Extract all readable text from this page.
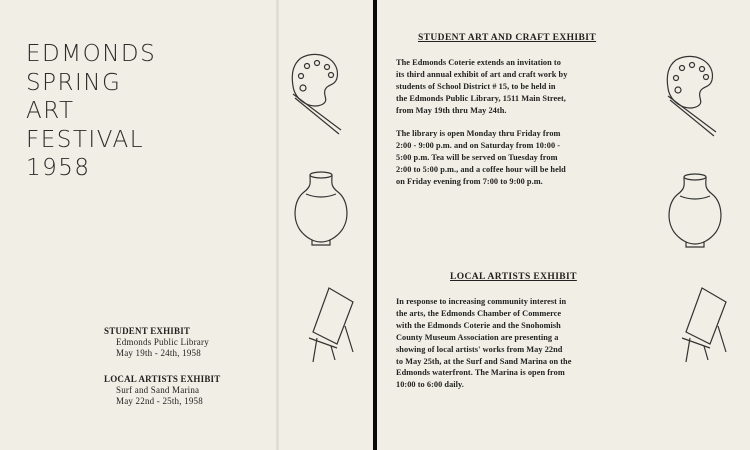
EDMONDS
SPRING
ART
FESTIVAL
1958
STUDENT EXHIBIT
Edmonds Public Library
May 19th - 24th, 1958
LOCAL ARTISTS EXHIBIT
Surf and Sand Marina
May 22nd - 25th, 1958
STUDENT ART AND CRAFT EXHIBIT
The Edmonds Coterie extends an invitation to
its third annual exhibit of art and craft work by
students of School District # 15, to be held in
the Edmonds Public Library, 1511 Main Street,
from May 19th thru May 24th.
The library is open Monday thru Friday from
2:00 - 9:00 p.m. and on Saturday from 10:00 -
5:00 p.m. Tea will be served on Tuesday from
2:00 to 5:00 p.m., and a coffee hour will be held
on Friday evening from 7:00 to 9:00 p.m.
LOCAL ARTISTS EXHIBIT
In response to increasing community interest in
the arts, the Edmonds Chamber of Commerce
with the Edmonds Coterie and the Snohomish
County Museum Association are presenting a
showing of local artists' works from May 22nd
to May 25th, at the Surf and Sand Marina on the
Edmonds waterfront. The Marina is open from
10:00 to 6:00 daily.
